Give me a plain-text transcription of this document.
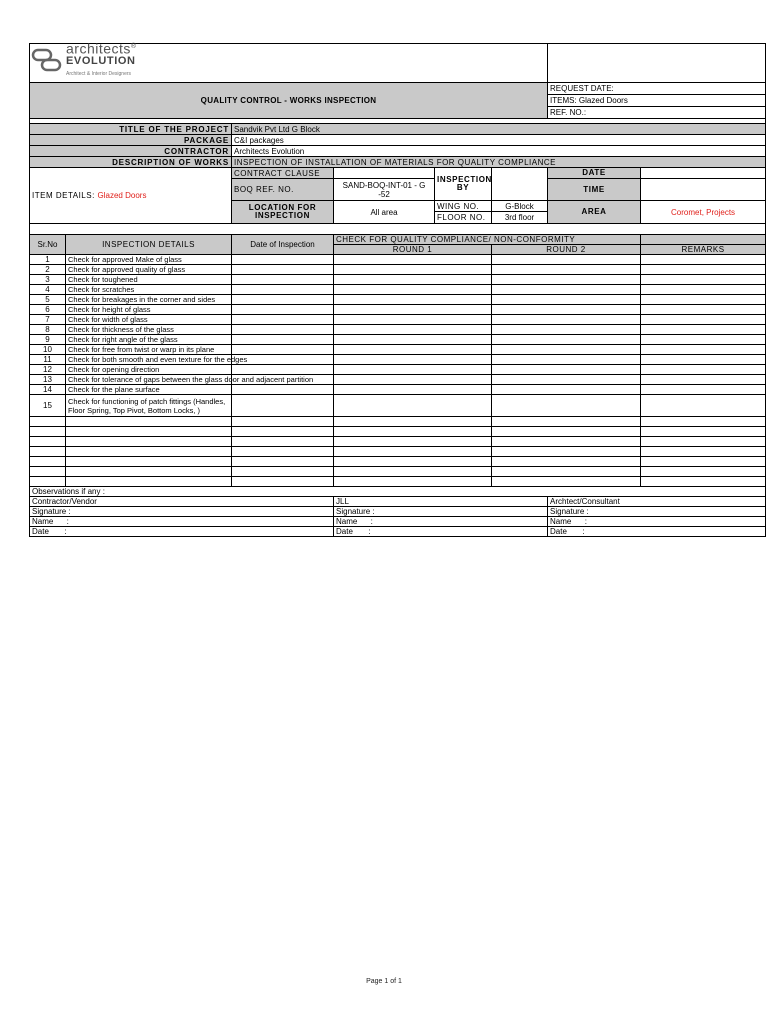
architects®
EVOLUTION
Architect & Interior Designers							

QUALITY CONTROL - WORKS INSPECTION						REQUEST DATE:	
						ITEMS: Glazed Doors	
						REF. NO.:	

TITLE OF THE PROJECT		Sandvik Pvt Ltd G Block					
PACKAGE		C&I packages					
CONTRACTOR		Architects Evolution					
DESCRIPTION OF WORKS		INSPECTION OF INSTALLATION OF MATERIALS FOR QUALITY COMPLIANCE					
ITEM DETAILS: Glazed Doors		CONTRACT CLAUSE		INSPECTION BY		DATE	
		BOQ REF. NO.	SAND-BOQ-INT-01 - G -52			TIME	
		LOCATION FOR INSPECTION	All area	WING NO.	G-Block	AREA	Coromet, Projects
				FLOOR NO.	3rd floor		

Sr.No	INSPECTION DETAILS	Date of Inspection	CHECK FOR QUALITY COMPLIANCE/ NON-CONFORMITY				
			ROUND 1		ROUND 2		REMARKS
1	Check for approved Make of glass						
2	Check for approved quality of glass						
3	Check for toughened						
4	Check for scratches						
5	Check for breakages in the corner and sides						
6	Check for height of glass						
7	Check for width of glass						
8	Check for thickness of the glass						
9	Check for right angle of the glass						
10	Check for free from twist or warp in its plane						
11	Check for both smooth and even texture for the edges						
12	Check for opening direction						
13	Check for tolerance of gaps between the glass door and adjacent partition						
14	Check for the plane surface						
15	Check for functioning of patch fittings (Handles, Floor Spring, Top Pivot, Bottom Locks, )						

Observations if any :							
Contractor/Vendor			JLL			Archtect/Consultant	
Signature :			Signature :			Signature :	
Name      :			Name      :			Name      :	
Date       :			Date       :			Date       :	
Page 1 of 1
